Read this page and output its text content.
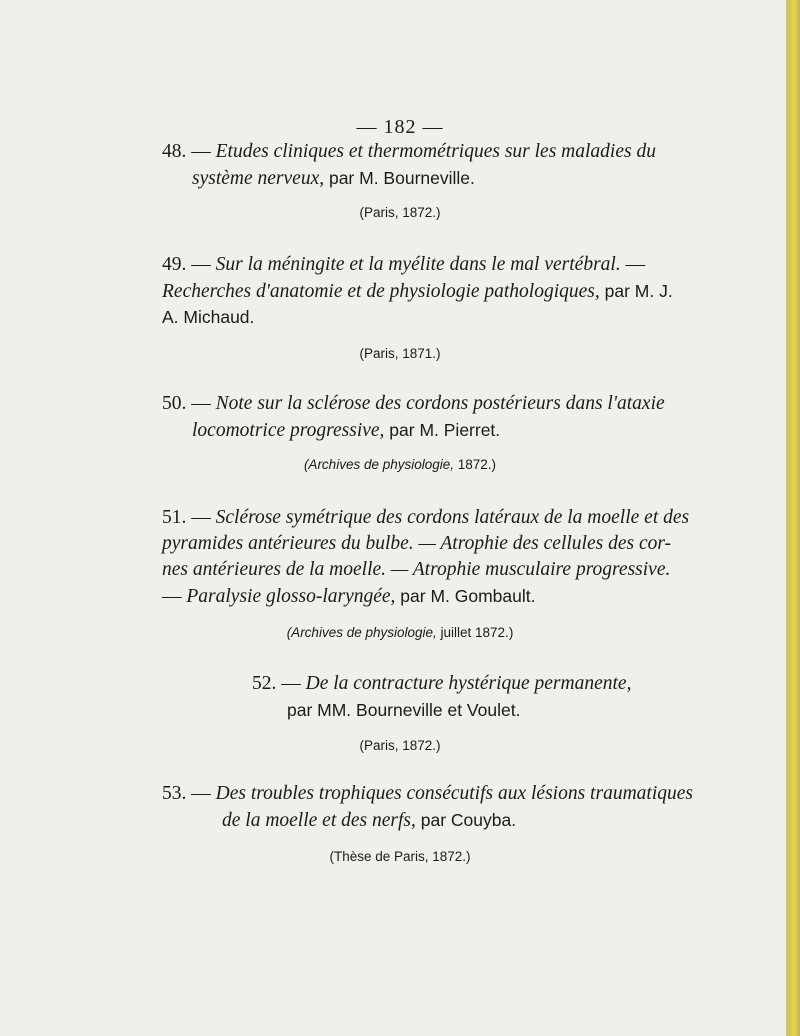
— 182 —
48. — Etudes cliniques et thermométriques sur les maladies du
système nerveux, par M. Bourneville.
(Paris, 1872.)
49. — Sur la méningite et la myélite dans le mal vertébral. —
Recherches d'anatomie et de physiologie pathologiques, par M. J.
A. Michaud.
(Paris, 1871.)
50. — Note sur la sclérose des cordons postérieurs dans l'ataxie
locomotrice progressive, par M. Pierret.
(Archives de physiologie, 1872.)
51. — Sclérose symétrique des cordons latéraux de la moelle et des
pyramides antérieures du bulbe. — Atrophie des cellules des cor-
nes antérieures de la moelle. — Atrophie musculaire progressive.
— Paralysie glosso-laryngée, par M. Gombault.
(Archives de physiologie, juillet 1872.)
52. — De la contracture hystérique permanente,
par MM. Bourneville et Voulet.
(Paris, 1872.)
53. — Des troubles trophiques consécutifs aux lésions traumatiques
de la moelle et des nerfs, par Couyba.
(Thèse de Paris, 1872.)
